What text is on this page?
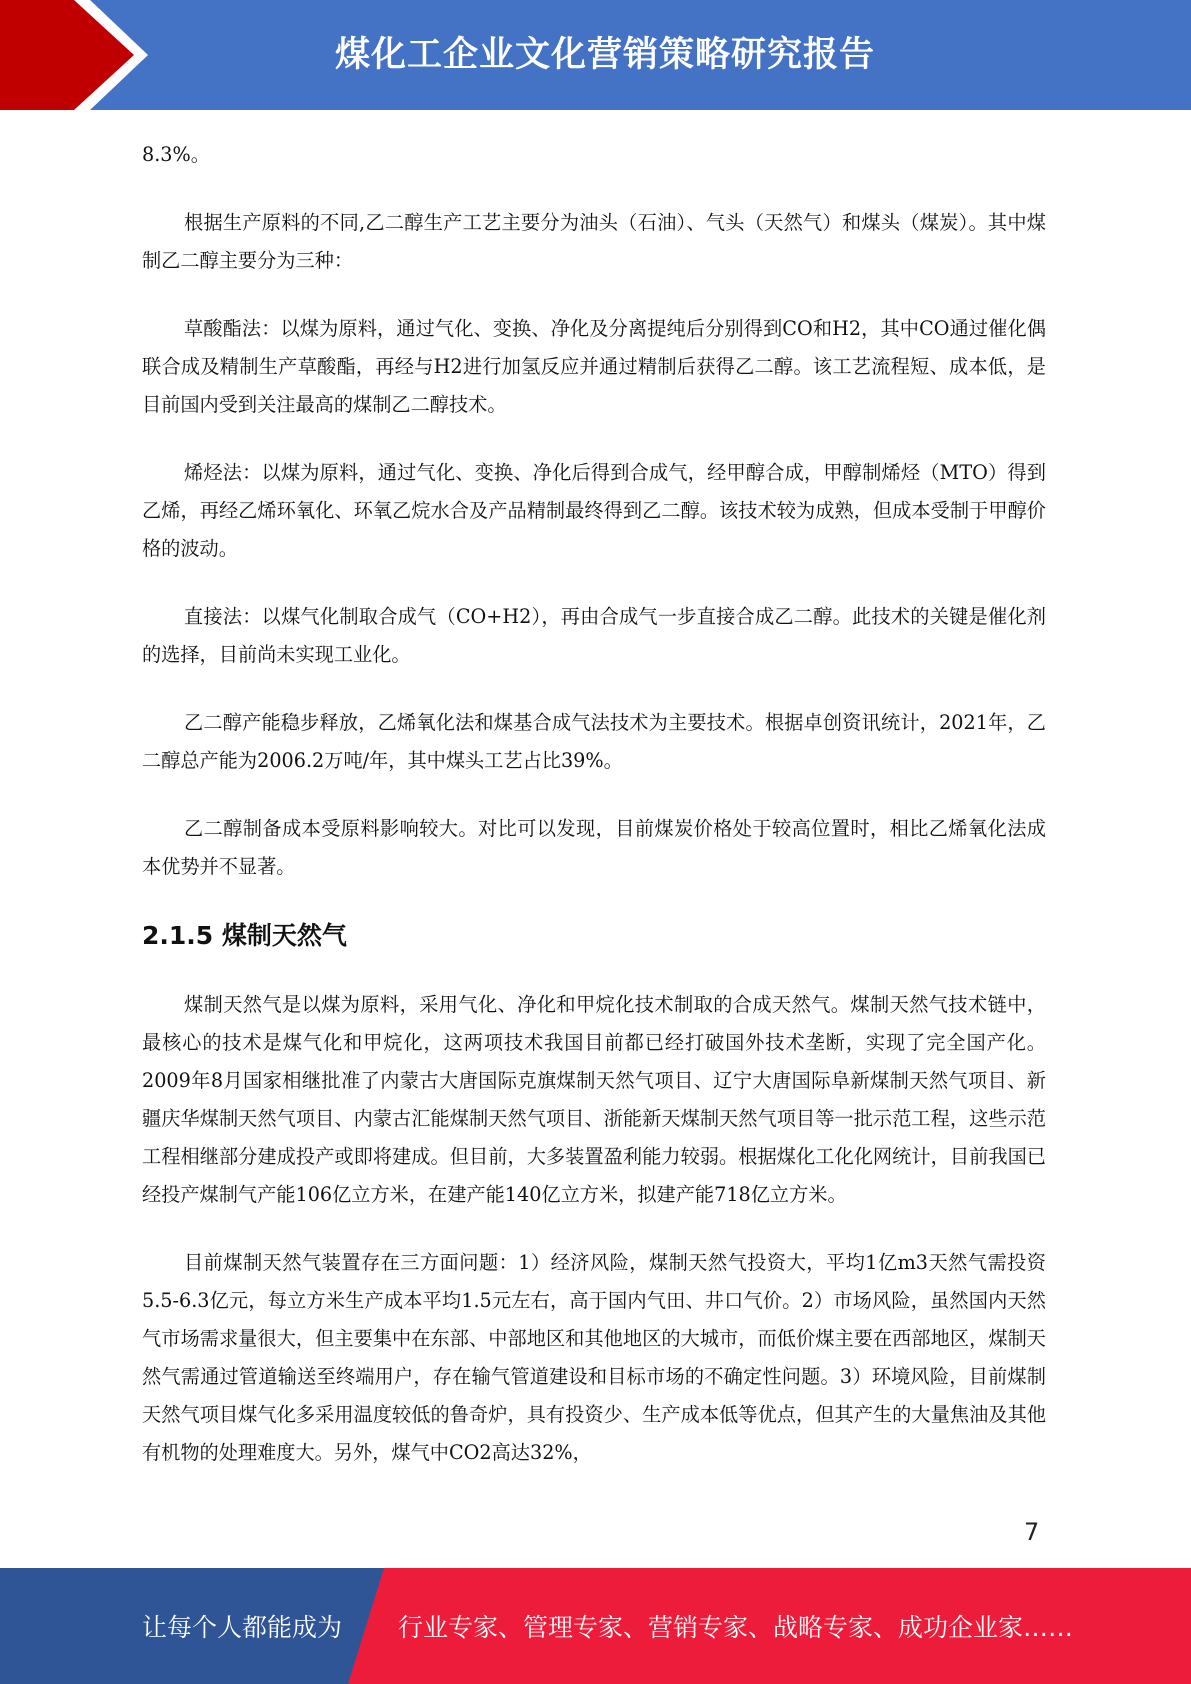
煤化工企业文化营销策略研究报告

8.3%。

根据生产原料的不同,乙二醇生产工艺主要分为油头（石油）、气头（天然气）和煤头（煤炭）。其中煤制乙二醇主要分为三种：

草酸酯法：以煤为原料，通过气化、变换、净化及分离提纯后分别得到CO和H2，其中CO通过催化偶联合成及精制生产草酸酯，再经与H2进行加氢反应并通过精制后获得乙二醇。该工艺流程短、成本低，是目前国内受到关注最高的煤制乙二醇技术。

烯烃法：以煤为原料，通过气化、变换、净化后得到合成气，经甲醇合成，甲醇制烯烃（MTO）得到乙烯，再经乙烯环氧化、环氧乙烷水合及产品精制最终得到乙二醇。该技术较为成熟，但成本受制于甲醇价格的波动。

直接法：以煤气化制取合成气（CO+H2），再由合成气一步直接合成乙二醇。此技术的关键是催化剂的选择，目前尚未实现工业化。

乙二醇产能稳步释放，乙烯氧化法和煤基合成气法技术为主要技术。根据卓创资讯统计，2021年，乙二醇总产能为2006.2万吨/年，其中煤头工艺占比39%。

乙二醇制备成本受原料影响较大。对比可以发现，目前煤炭价格处于较高位置时，相比乙烯氧化法成本优势并不显著。

2.1.5 煤制天然气

煤制天然气是以煤为原料，采用气化、净化和甲烷化技术制取的合成天然气。煤制天然气技术链中，最核心的技术是煤气化和甲烷化，这两项技术我国目前都已经打破国外技术垄断，实现了完全国产化。2009年8月国家相继批准了内蒙古大唐国际克旗煤制天然气项目、辽宁大唐国际阜新煤制天然气项目、新疆庆华煤制天然气项目、内蒙古汇能煤制天然气项目、浙能新天煤制天然气项目等一批示范工程，这些示范工程相继部分建成投产或即将建成。但目前，大多装置盈利能力较弱。根据煤化工化化网统计，目前我国已经投产煤制气产能106亿立方米，在建产能140亿立方米，拟建产能718亿立方米。

目前煤制天然气装置存在三方面问题：1）经济风险，煤制天然气投资大，平均1亿m3天然气需投资5.5-6.3亿元，每立方米生产成本平均1.5元左右，高于国内气田、井口气价。2）市场风险，虽然国内天然气市场需求量很大，但主要集中在东部、中部地区和其他地区的大城市，而低价煤主要在西部地区，煤制天然气需通过管道输送至终端用户，存在输气管道建设和目标市场的不确定性问题。3）环境风险，目前煤制天然气项目煤气化多采用温度较低的鲁奇炉，具有投资少、生产成本低等优点，但其产生的大量焦油及其他有机物的处理难度大。另外，煤气中CO2高达32%，

7
让每个人都能成为 行业专家、管理专家、营销专家、战略专家、成功企业家……
